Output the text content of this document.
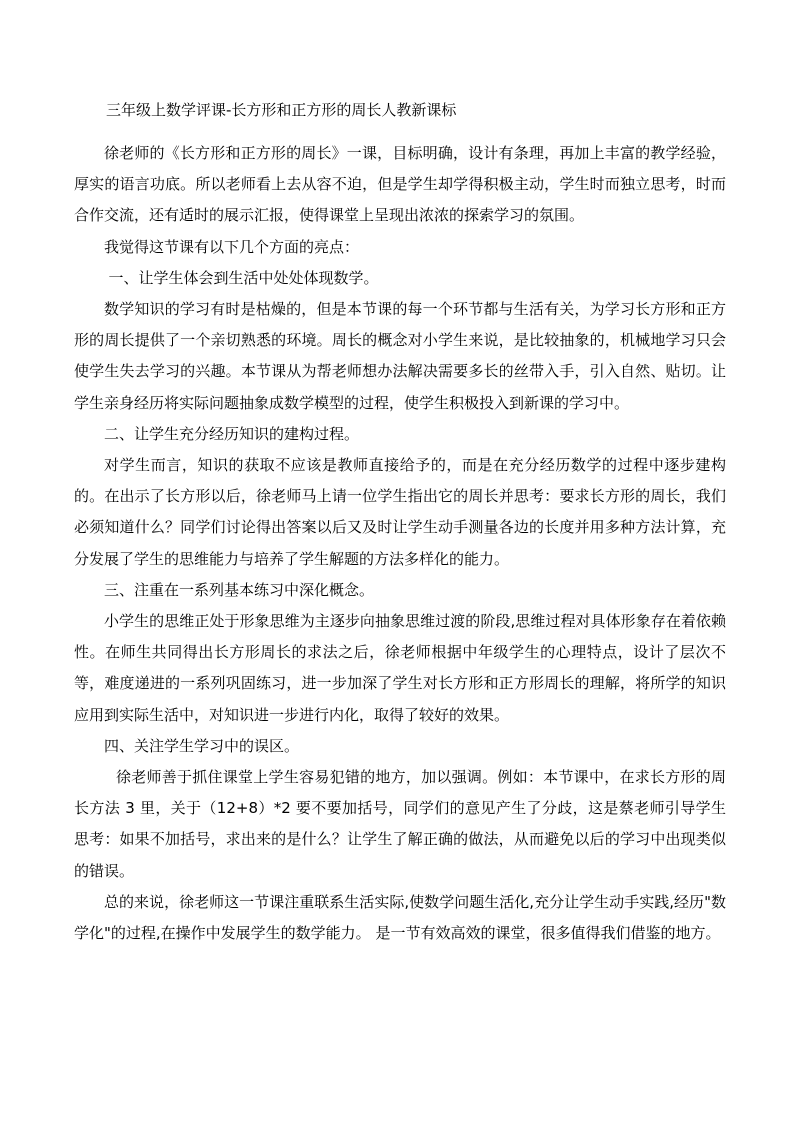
三年级上数学评课-长方形和正方形的周长人教新课标

徐老师的《长方形和正方形的周长》一课，目标明确，设计有条理，再加上丰富的教学经验，厚实的语言功底。所以老师看上去从容不迫，但是学生却学得积极主动，学生时而独立思考，时而合作交流，还有适时的展示汇报，使得课堂上呈现出浓浓的探索学习的氛围。

我觉得这节课有以下几个方面的亮点：

一、让学生体会到生活中处处体现数学。

数学知识的学习有时是枯燥的，但是本节课的每一个环节都与生活有关，为学习长方形和正方形的周长提供了一个亲切熟悉的环境。周长的概念对小学生来说，是比较抽象的，机械地学习只会使学生失去学习的兴趣。本节课从为帮老师想办法解决需要多长的丝带入手，引入自然、贴切。让学生亲身经历将实际问题抽象成数学模型的过程，使学生积极投入到新课的学习中。

二、让学生充分经历知识的建构过程。

对学生而言，知识的获取不应该是教师直接给予的，而是在充分经历数学的过程中逐步建构的。在出示了长方形以后，徐老师马上请一位学生指出它的周长并思考：要求长方形的周长，我们必须知道什么？同学们讨论得出答案以后又及时让学生动手测量各边的长度并用多种方法计算，充分发展了学生的思维能力与培养了学生解题的方法多样化的能力。

三、注重在一系列基本练习中深化概念。

小学生的思维正处于形象思维为主逐步向抽象思维过渡的阶段,思维过程对具体形象存在着依赖性。在师生共同得出长方形周长的求法之后，徐老师根据中年级学生的心理特点，设计了层次不等，难度递进的一系列巩固练习，进一步加深了学生对长方形和正方形周长的理解，将所学的知识应用到实际生活中，对知识进一步进行内化，取得了较好的效果。

四、关注学生学习中的误区。

徐老师善于抓住课堂上学生容易犯错的地方，加以强调。例如：本节课中，在求长方形的周长方法 3 里，关于（12+8）*2 要不要加括号，同学们的意见产生了分歧，这是蔡老师引导学生思考：如果不加括号，求出来的是什么？让学生了解正确的做法，从而避免以后的学习中出现类似的错误。

总的来说，徐老师这一节课注重联系生活实际,使数学问题生活化,充分让学生动手实践,经历"数学化"的过程,在操作中发展学生的数学能力。 是一节有效高效的课堂，很多值得我们借鉴的地方。
